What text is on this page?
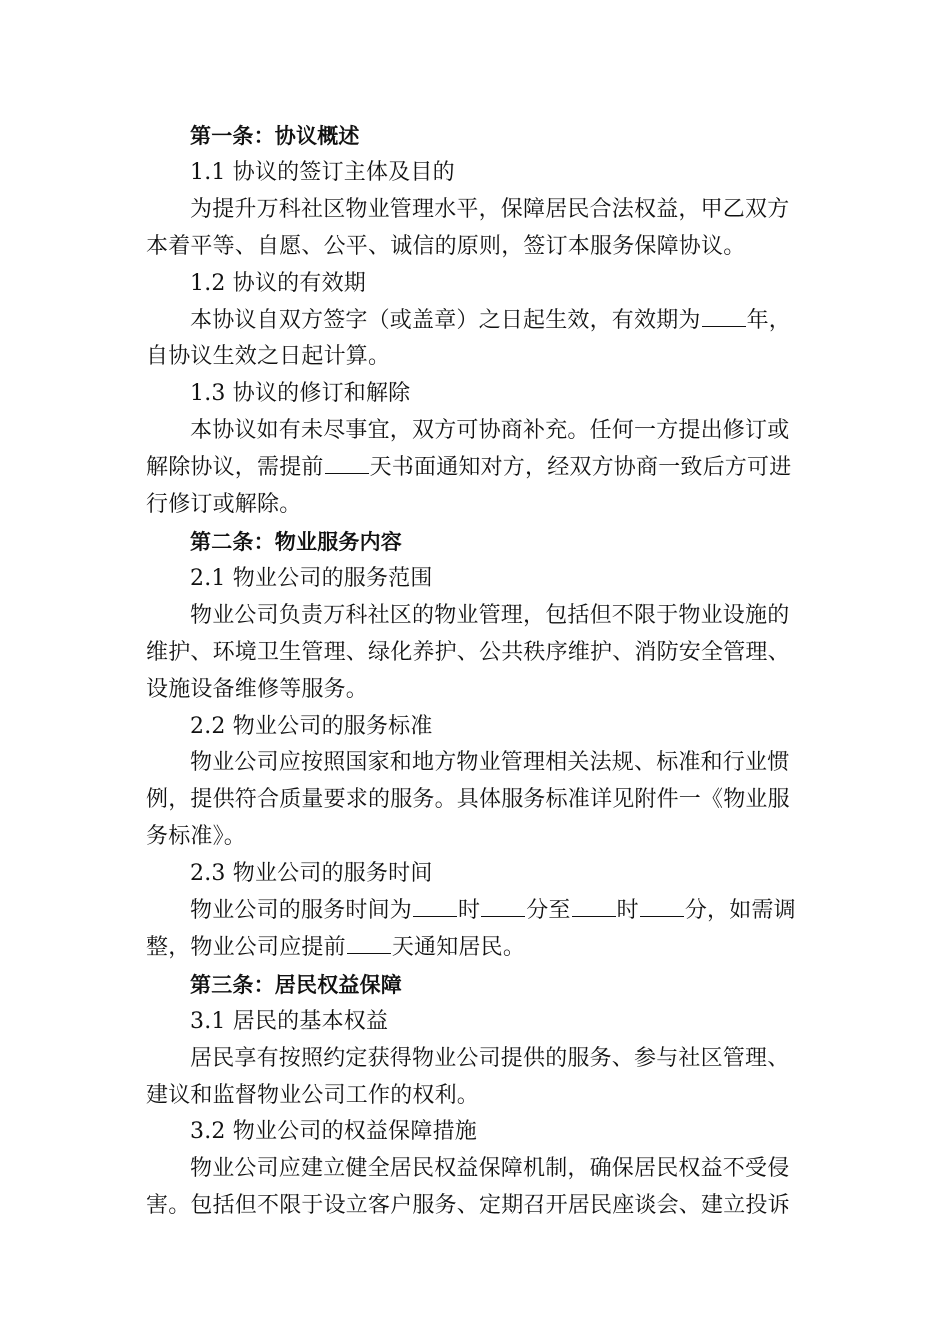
第一条：协议概述
1.1 协议的签订主体及目的
为提升万科社区物业管理水平，保障居民合法权益，甲乙双方
本着平等、自愿、公平、诚信的原则，签订本服务保障协议。
1.2 协议的有效期
本协议自双方签字（或盖章）之日起生效，有效期为 年，
自协议生效之日起计算。
1.3 协议的修订和解除
本协议如有未尽事宜，双方可协商补充。任何一方提出修订或
解除协议，需提前 天书面通知对方，经双方协商一致后方可进
行修订或解除。
第二条：物业服务内容
2.1 物业公司的服务范围
物业公司负责万科社区的物业管理，包括但不限于物业设施的
维护、环境卫生管理、绿化养护、公共秩序维护、消防安全管理、
设施设备维修等服务。
2.2 物业公司的服务标准
物业公司应按照国家和地方物业管理相关法规、标准和行业惯
例，提供符合质量要求的服务。具体服务标准详见附件一《物业服
务标准》。
2.3 物业公司的服务时间
物业公司的服务时间为 时 分至 时 分，如需调
整，物业公司应提前 天通知居民。
第三条：居民权益保障
3.1 居民的基本权益
居民享有按照约定获得物业公司提供的服务、参与社区管理、
建议和监督物业公司工作的权利。
3.2 物业公司的权益保障措施
物业公司应建立健全居民权益保障机制，确保居民权益不受侵
害。包括但不限于设立客户服务、定期召开居民座谈会、建立投诉
